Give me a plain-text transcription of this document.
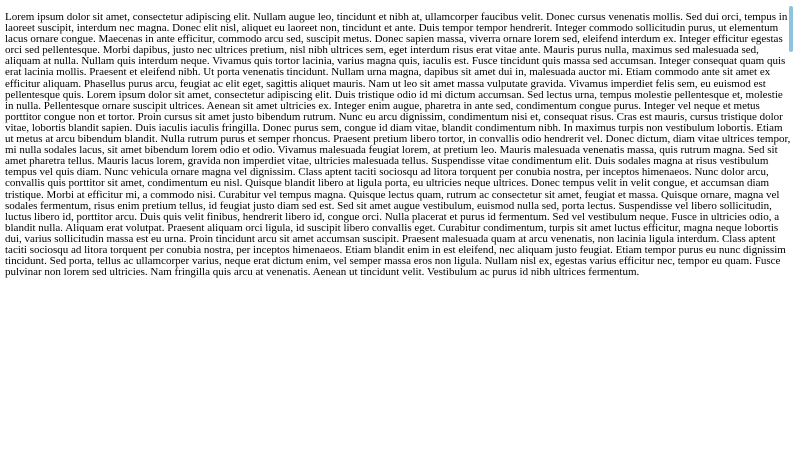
Lorem ipsum dolor sit amet, consectetur adipiscing elit. Nullam augue leo, tincidunt et nibh at, ullamcorper faucibus velit. Donec cursus venenatis mollis. Sed dui orci, tempus in laoreet suscipit, interdum nec magna. Donec elit nisl, aliquet eu laoreet non, tincidunt et ante. Duis tempor tempor hendrerit. Integer commodo sollicitudin purus, ut elementum lacus ornare congue. Maecenas in ante efficitur, commodo arcu sed, suscipit metus. Donec sapien massa, viverra ornare lorem sed, eleifend interdum ex. Integer efficitur egestas orci sed pellentesque. Morbi dapibus, justo nec ultrices pretium, nisl nibh ultrices sem, eget interdum risus erat vitae ante. Mauris purus nulla, maximus sed malesuada sed, aliquam at nulla. Nullam quis interdum neque. Vivamus quis tortor lacinia, varius magna quis, iaculis est. Fusce tincidunt quis massa sed accumsan. Integer consequat quam quis erat lacinia mollis. Praesent et eleifend nibh. Ut porta venenatis tincidunt. Nullam urna magna, dapibus sit amet dui in, malesuada auctor mi. Etiam commodo ante sit amet ex efficitur aliquam. Phasellus purus arcu, feugiat ac elit eget, sagittis aliquet mauris. Nam ut leo sit amet massa vulputate gravida. Vivamus imperdiet felis sem, eu euismod est pellentesque quis. Lorem ipsum dolor sit amet, consectetur adipiscing elit. Duis tristique odio id mi dictum accumsan. Sed lectus urna, tempus molestie pellentesque et, molestie in nulla. Pellentesque ornare suscipit ultrices. Aenean sit amet ultricies ex. Integer enim augue, pharetra in ante sed, condimentum congue purus. Integer vel neque et metus porttitor congue non et tortor. Proin cursus sit amet justo bibendum rutrum. Nunc eu arcu dignissim, condimentum nisi et, consequat risus. Cras est mauris, cursus tristique dolor vitae, lobortis blandit sapien. Duis iaculis iaculis fringilla. Donec purus sem, congue id diam vitae, blandit condimentum nibh. In maximus turpis non vestibulum lobortis. Etiam ut metus at arcu bibendum blandit. Nulla rutrum purus et semper rhoncus. Praesent pretium libero tortor, in convallis odio hendrerit vel. Donec dictum, diam vitae ultrices tempor, mi nulla sodales lacus, sit amet bibendum lorem odio et odio. Vivamus malesuada feugiat lorem, at pretium leo. Mauris malesuada venenatis massa, quis rutrum magna. Sed sit amet pharetra tellus. Mauris lacus lorem, gravida non imperdiet vitae, ultricies malesuada tellus. Suspendisse vitae condimentum elit. Duis sodales magna at risus vestibulum tempus vel quis diam. Nunc vehicula ornare magna vel dignissim. Class aptent taciti sociosqu ad litora torquent per conubia nostra, per inceptos himenaeos. Nunc dolor arcu, convallis quis porttitor sit amet, condimentum eu nisl. Quisque blandit libero at ligula porta, eu ultricies neque ultrices. Donec tempus velit in velit congue, et accumsan diam tristique. Morbi at efficitur mi, a commodo nisi. Curabitur vel tempus magna. Quisque lectus quam, rutrum ac consectetur sit amet, feugiat et massa. Quisque ornare, magna vel sodales fermentum, risus enim pretium tellus, id feugiat justo diam sed est. Sed sit amet augue vestibulum, euismod nulla sed, porta lectus. Suspendisse vel libero sollicitudin, luctus libero id, porttitor arcu. Duis quis velit finibus, hendrerit libero id, congue orci. Nulla placerat et purus id fermentum. Sed vel vestibulum neque. Fusce in ultricies odio, a blandit nulla. Aliquam erat volutpat. Praesent aliquam orci ligula, id suscipit libero convallis eget. Curabitur condimentum, turpis sit amet luctus efficitur, magna neque lobortis dui, varius sollicitudin massa est eu urna. Proin tincidunt arcu sit amet accumsan suscipit. Praesent malesuada quam at arcu venenatis, non lacinia ligula interdum. Class aptent taciti sociosqu ad litora torquent per conubia nostra, per inceptos himenaeos. Etiam blandit enim in est eleifend, nec aliquam justo feugiat. Etiam tempor purus eu nunc dignissim tincidunt. Sed porta, tellus ac ullamcorper varius, neque erat dictum enim, vel semper massa eros non ligula. Nullam nisl ex, egestas varius efficitur nec, tempor eu quam. Fusce pulvinar non lorem sed ultricies. Nam fringilla quis arcu at venenatis. Aenean ut tincidunt velit. Vestibulum ac purus id nibh ultrices fermentum.
